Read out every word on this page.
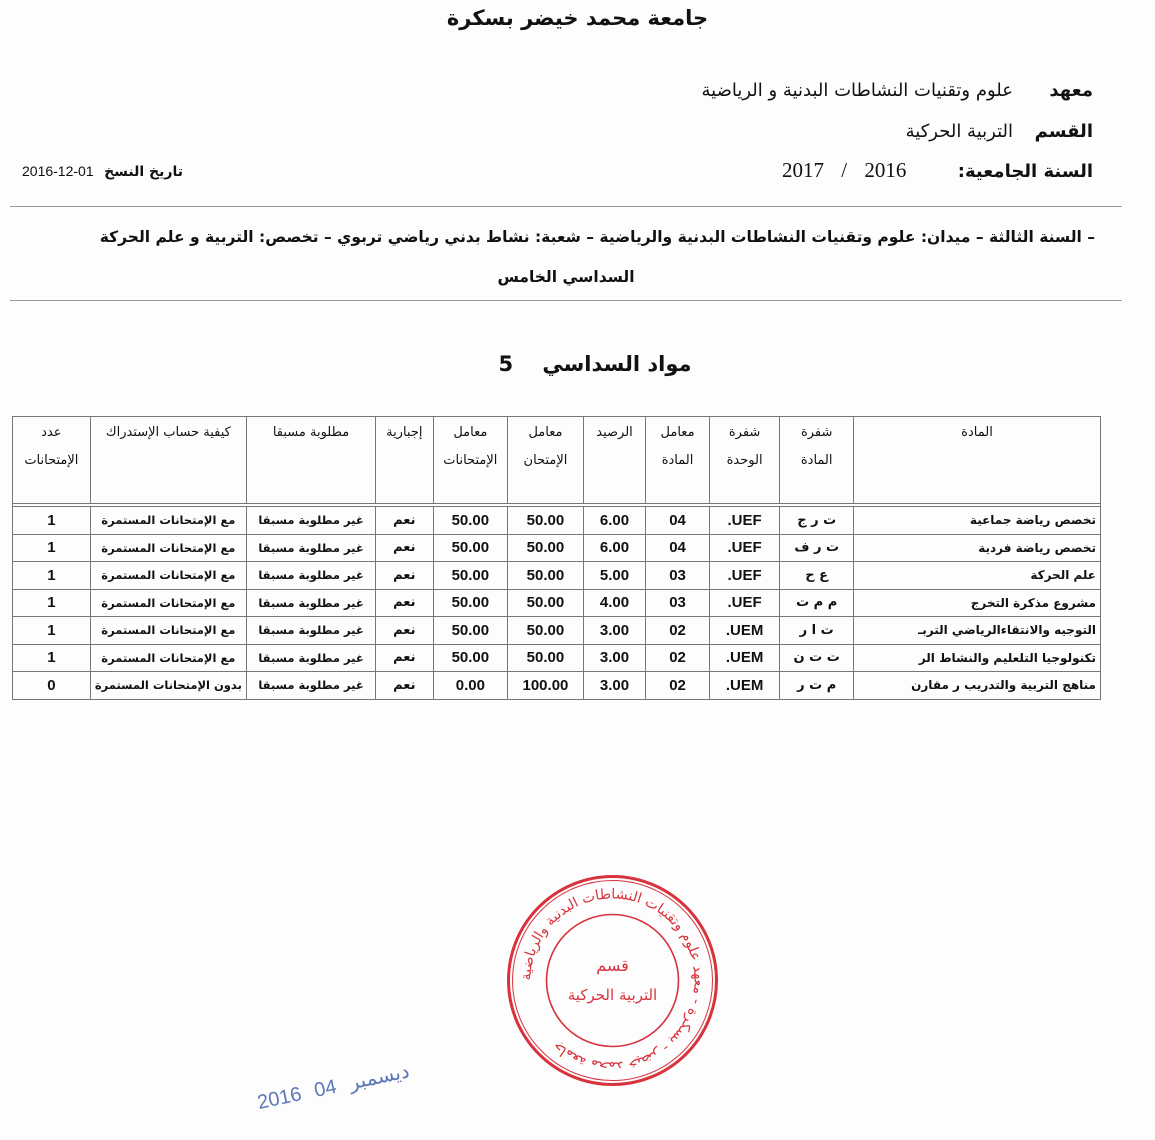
جامعة محمد خيضر بسكرة
معهد
علوم وتقنيات النشاطات البدنية و الرياضية
القسم
التربية الحركية
السنة الجامعية:
2017 / 2016
تاريخ النسخ 2016-12-01
– السنة الثالثة – ميدان: علوم وتقنيات النشاطات البدنية والرياضية – شعبة: نشاط بدني رياضي تربوي – تخصص: التربية و علم الحركة
السداسي الخامس
مواد السداسي 5
المادة	شفرة المادة	شفرة الوحدة	معامل المادة	الرصيد	معامل الإمتحان	معامل الإمتحانات	إجبارية	مطلوبة مسبقا	كيفية حساب الإستدراك	عدد الإمتحانات

تخصص رياضة جماعية	ت ر ج	UEF.	04	6.00	50.00	50.00	نعم	غير مطلوبة مسبقا	مع الإمتحانات المستمرة	1
تخصص رياضة فردية	ت ر ف	UEF.	04	6.00	50.00	50.00	نعم	غير مطلوبة مسبقا	مع الإمتحانات المستمرة	1
علم الحركة	ع ح	UEF.	03	5.00	50.00	50.00	نعم	غير مطلوبة مسبقا	مع الإمتحانات المستمرة	1
مشروع مذكرة التخرج	م م ت	UEF.	03	4.00	50.00	50.00	نعم	غير مطلوبة مسبقا	مع الإمتحانات المستمرة	1
التوجيه والانتقاءالرياضي التربـ	ت ا ر	UEM.	02	3.00	50.00	50.00	نعم	غير مطلوبة مسبقا	مع الإمتحانات المستمرة	1
تكنولوجيا التلعليم والنشاط الر	ت ت ن	UEM.	02	3.00	50.00	50.00	نعم	غير مطلوبة مسبقا	مع الإمتحانات المستمرة	1
مناهج التربية والتدريب ر مقارن	م ت ر	UEM.	02	3.00	100.00	0.00	نعم	غير مطلوبة مسبقا	بدون الإمتحانات المستمرة	0
جامعة محمد خيضر - بسكرة - معهد علوم وتقنيات النشاطات البدنية والرياضية
قسم
التربية الحركية
2016 ديسمبر 04
